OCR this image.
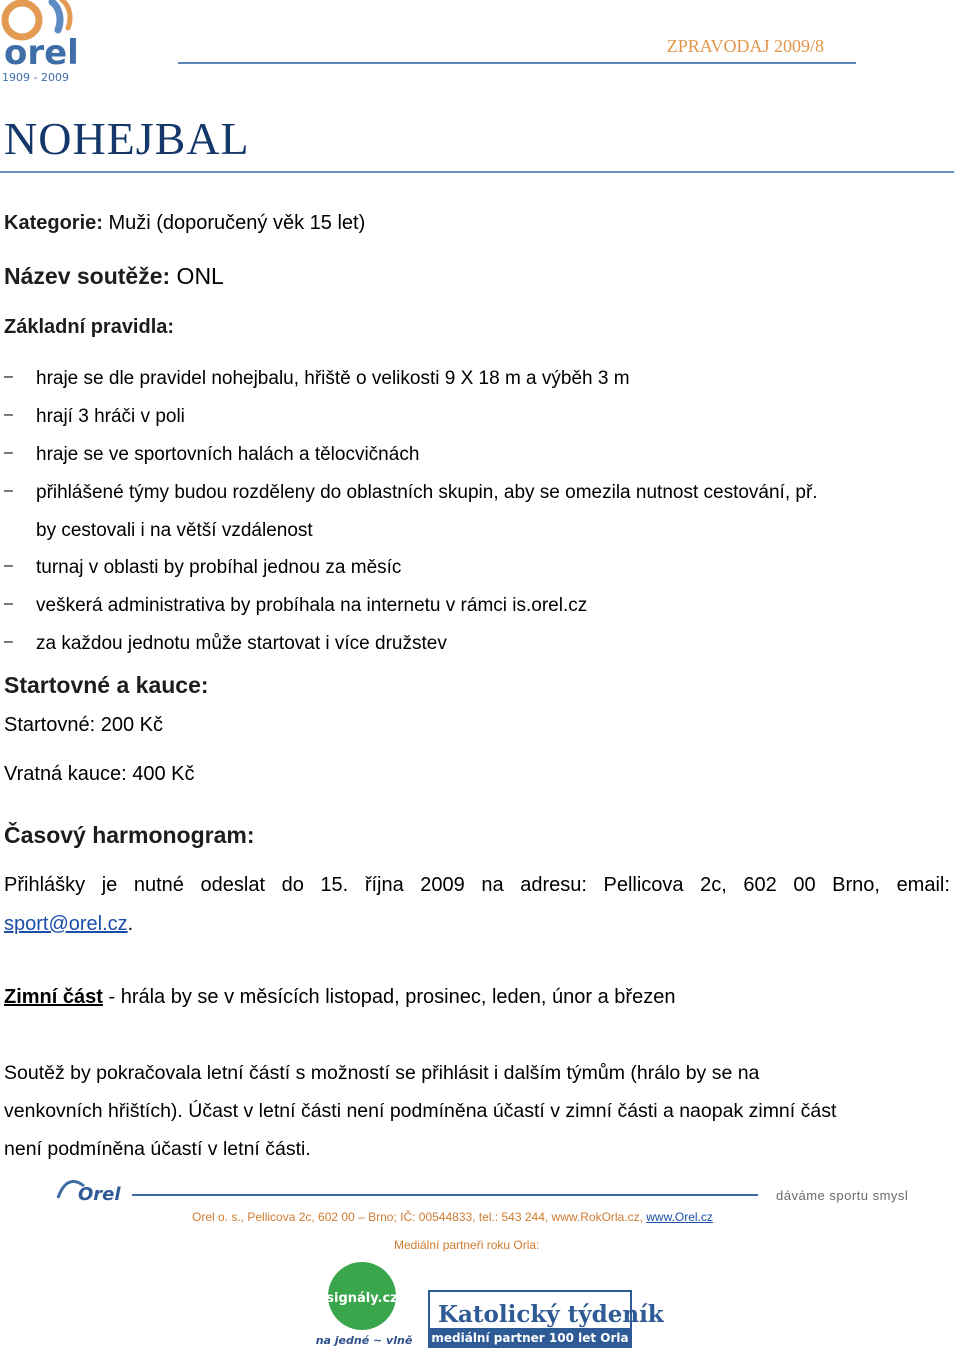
orel
1909 - 2009
ZPRAVODAJ 2009/8
NOHEJBAL
Kategorie: Muži (doporučený věk 15 let)
Název soutěže: ONL
Základní pravidla:
– hraje se dle pravidel nohejbalu, hřiště o velikosti 9 X 18 m a výběh 3 m
– hrají 3 hráči v poli
– hraje se ve sportovních halách a tělocvičnách
– přihlášené týmy budou rozděleny do oblastních skupin, aby se omezila nutnost cestování, př.
by cestovali i na větší vzdálenost
– turnaj v oblasti by probíhal jednou za měsíc
– veškerá administrativa by probíhala na internetu v rámci is.orel.cz
– za každou jednotu může startovat i více družstev
Startovné a kauce:
Startovné: 200 Kč
Vratná kauce: 400 Kč
Časový harmonogram:
Přihlášky je nutné odeslat do 15. října 2009 na adresu: Pellicova 2c, 602 00 Brno, email:
sport@orel.cz.
Zimní část - hrála by se v měsících listopad, prosinec, leden, únor a březen
Soutěž by pokračovala letní částí s možností se přihlásit i dalším týmům (hrálo by se na
venkovních hřištích). Účast v letní části není podmíněna účastí v zimní části a naopak zimní část
není podmíněna účastí v letní části.
Orel	dáváme sportu smysl
Orel o. s., Pellicova 2c, 602 00 – Brno; IČ: 00544833, tel.: 543 244, www.RokOrla.cz, www.Orel.cz
Mediální partneři roku Orla:
signály.cz
na jedné ~ vlně
Katolický týdeník
mediální partner 100 let Orla
